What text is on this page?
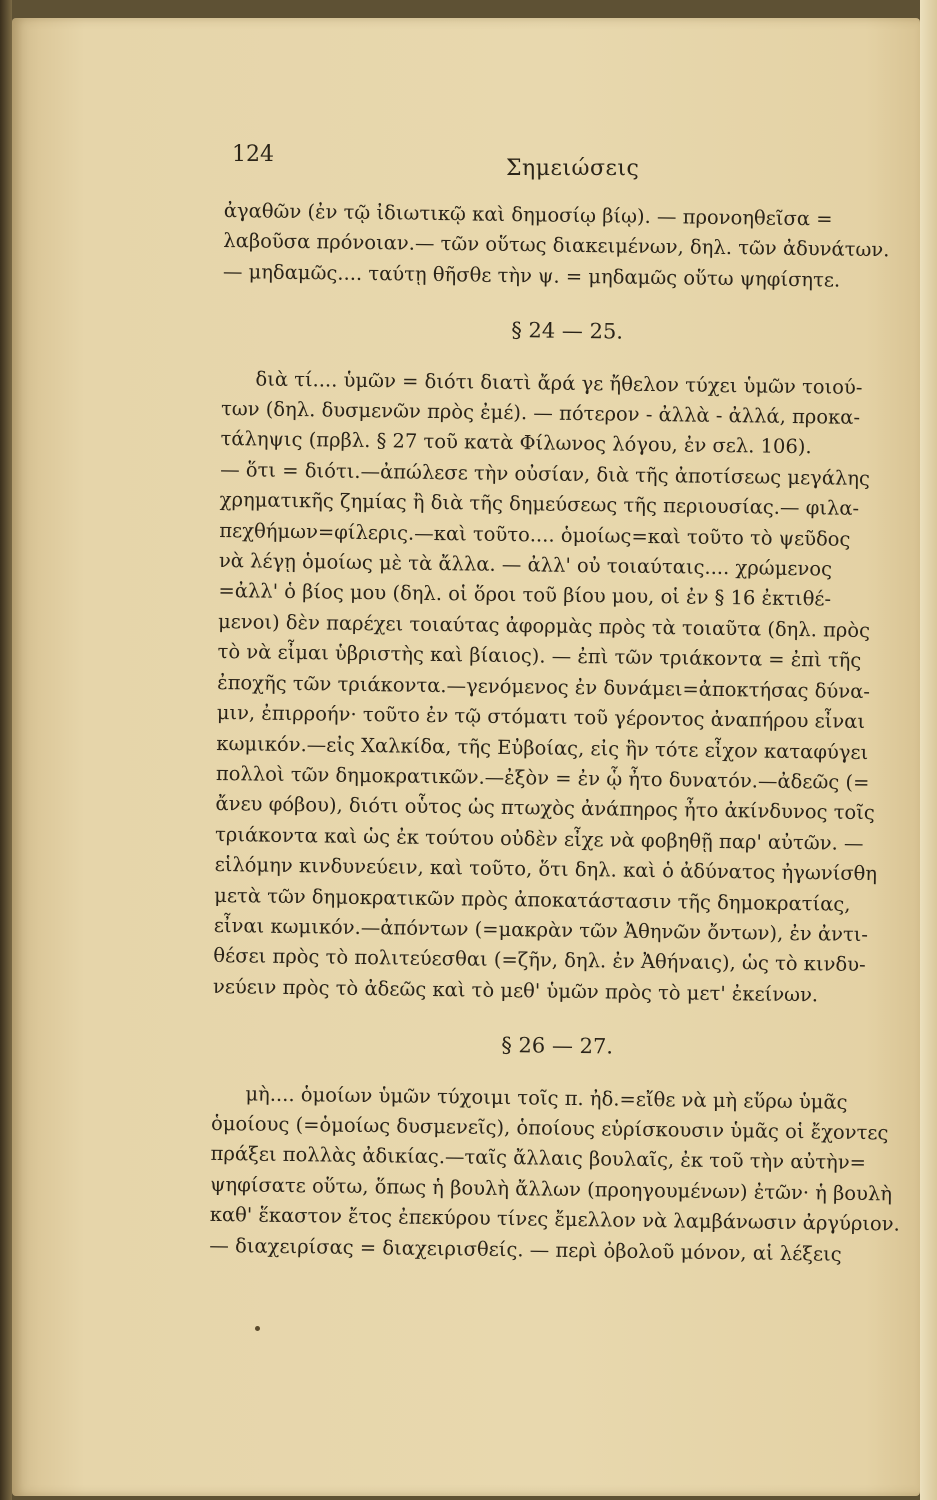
124
Σημειώσεις

ἀγαθῶν (ἐν τῷ ἰδιωτικῷ καὶ δημοσίῳ βίῳ). — προνοηθεῖσα =
λαβοῦσα πρόνοιαν.— τῶν οὕτως διακειμένων, δηλ. τῶν ἀδυνάτων.
— μηδαμῶς.... ταύτῃ θῆσθε τὴν ψ. = μηδαμῶς οὕτω ψηφίσητε.

§ 24 — 25.

διὰ τί.... ὑμῶν = διότι διατὶ ἄρά γε ἤθελον τύχει ὑμῶν τοιού-
των (δηλ. δυσμενῶν πρὸς ἐμέ). — πότερον - ἀλλὰ - ἀλλά, προκα-
τάληψις (πρβλ. § 27 τοῦ κατὰ Φίλωνος λόγου, ἐν σελ. 106).
— ὅτι = διότι.—ἀπώλεσε τὴν οὐσίαν, διὰ τῆς ἀποτίσεως μεγάλης
χρηματικῆς ζημίας ἢ διὰ τῆς δημεύσεως τῆς περιουσίας.— φιλα-
πεχθήμων=φίλερις.—καὶ τοῦτο.... ὁμοίως=καὶ τοῦτο τὸ ψεῦδος
νὰ λέγῃ ὁμοίως μὲ τὰ ἄλλα. — ἀλλ' οὐ τοιαύταις.... χρώμενος
=ἀλλ' ὁ βίος μου (δηλ. οἱ ὅροι τοῦ βίου μου, οἱ ἐν § 16 ἐκτιθέ-
μενοι) δὲν παρέχει τοιαύτας ἀφορμὰς πρὸς τὰ τοιαῦτα (δηλ. πρὸς
τὸ νὰ εἶμαι ὑβριστὴς καὶ βίαιος). — ἐπὶ τῶν τριάκοντα = ἐπὶ τῆς
ἐποχῆς τῶν τριάκοντα.—γενόμενος ἐν δυνάμει=ἀποκτήσας δύνα-
μιν, ἐπιρροήν· τοῦτο ἐν τῷ στόματι τοῦ γέροντος ἀναπήρου εἶναι
κωμικόν.—εἰς Χαλκίδα, τῆς Εὐβοίας, εἰς ἣν τότε εἶχον καταφύγει
πολλοὶ τῶν δημοκρατικῶν.—ἐξὸν = ἐν ᾧ ἦτο δυνατόν.—ἀδεῶς (=
ἄνευ φόβου), διότι οὗτος ὡς πτωχὸς ἀνάπηρος ἦτο ἀκίνδυνος τοῖς
τριάκοντα καὶ ὡς ἐκ τούτου οὐδὲν εἶχε νὰ φοβηθῇ παρ' αὐτῶν. —
εἱλόμην κινδυνεύειν, καὶ τοῦτο, ὅτι δηλ. καὶ ὁ ἀδύνατος ἠγωνίσθη
μετὰ τῶν δημοκρατικῶν πρὸς ἀποκατάστασιν τῆς δημοκρατίας,
εἶναι κωμικόν.—ἀπόντων (=μακρὰν τῶν Ἀθηνῶν ὄντων), ἐν ἀντι-
θέσει πρὸς τὸ πολιτεύεσθαι (=ζῆν, δηλ. ἐν Ἀθήναις), ὡς τὸ κινδυ-
νεύειν πρὸς τὸ ἀδεῶς καὶ τὸ μεθ' ὑμῶν πρὸς τὸ μετ' ἐκείνων.

§ 26 — 27.

μὴ.... ὁμοίων ὑμῶν τύχοιμι τοῖς π. ἠδ.=εἴθε νὰ μὴ εὕρω ὑμᾶς
ὁμοίους (=ὁμοίως δυσμενεῖς), ὁποίους εὑρίσκουσιν ὑμᾶς οἱ ἔχοντες
πράξει πολλὰς ἀδικίας.—ταῖς ἄλλαις βουλαῖς, ἐκ τοῦ τὴν αὐτὴν=
ψηφίσατε οὕτω, ὅπως ἡ βουλὴ ἄλλων (προηγουμένων) ἐτῶν· ἡ βουλὴ
καθ' ἕκαστον ἔτος ἐπεκύρου τίνες ἔμελλον νὰ λαμβάνωσιν ἀργύριον.
— διαχειρίσας = διαχειρισθείς. — περὶ ὀβολοῦ μόνον, αἱ λέξεις
